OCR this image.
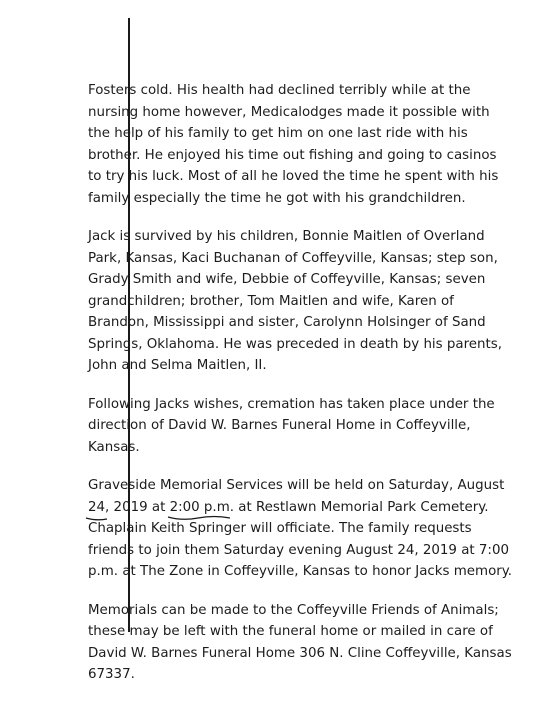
Fosters cold. His health had declined terribly while at the
nursing home however, Medicalodges made it possible with
the help of his family to get him on one last ride with his
brother. He enjoyed his time out fishing and going to casinos
to try his luck. Most of all he loved the time he spent with his
family especially the time he got with his grandchildren.

Jack is survived by his children, Bonnie Maitlen of Overland
Park, Kansas, Kaci Buchanan of Coffeyville, Kansas; step son,
Grady Smith and wife, Debbie of Coffeyville, Kansas; seven
grandchildren; brother, Tom Maitlen and wife, Karen of
Brandon, Mississippi and sister, Carolynn Holsinger of Sand
Springs, Oklahoma. He was preceded in death by his parents,
John and Selma Maitlen, II.

Following Jacks wishes, cremation has taken place under the
direction of David W. Barnes Funeral Home in Coffeyville,
Kansas.

Graveside Memorial Services will be held on Saturday, August
24
, 2019 at 2:00 p.m.
at Restlawn Memorial Park Cemetery.
Chaplain Keith Springer will officiate. The family requests
friends to join them Saturday evening August 24, 2019 at 7:00
p.m. at The Zone in Coffeyville, Kansas to honor Jacks memory.

Memorials can be made to the Coffeyville Friends of Animals;
these may be left with the funeral home or mailed in care of
David W. Barnes Funeral Home 306 N. Cline Coffeyville, Kansas
67337.
